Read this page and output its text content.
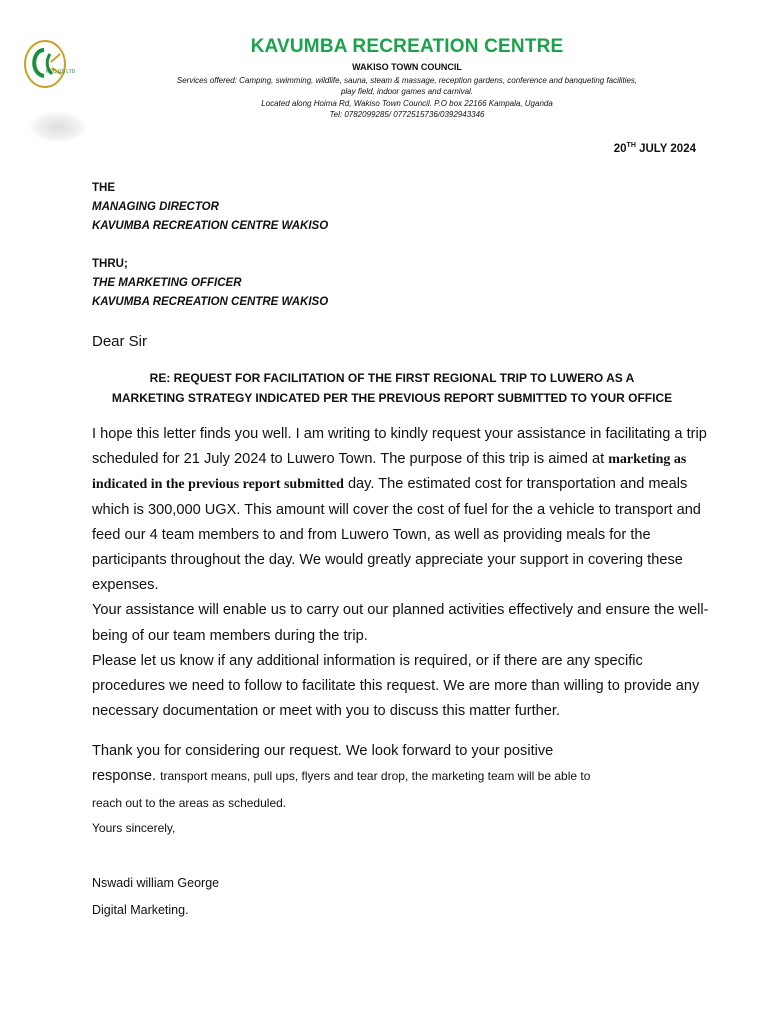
KRC (U) LTD
KAVUMBA RECREATION CENTRE
WAKISO TOWN COUNCIL
Services offered: Camping, swimming, wildlife, sauna, steam & massage, reception gardens, conference and banqueting facilities,
play field, indoor games and carnival.
Located along Hoima Rd, Wakiso Town Council. P.O box 22166 Kampala, Uganda
Tel: 0782099285/ 0772515736/0392943346
20TH JULY 2024
THE
MANAGING DIRECTOR
KAVUMBA RECREATION CENTRE WAKISO
THRU;
THE MARKETING OFFICER
KAVUMBA RECREATION CENTRE WAKISO
Dear Sir
RE: REQUEST FOR FACILITATION OF THE FIRST REGIONAL TRIP TO LUWERO AS A
MARKETING STRATEGY INDICATED PER THE PREVIOUS REPORT SUBMITTED TO YOUR OFFICE

I hope this letter finds you well. I am writing to kindly request your assistance in facilitating a trip scheduled for 21 July 2024 to Luwero Town. The purpose of this trip is aimed at marketing as indicated in the previous report submitted day. The estimated cost for transportation and meals which is 300,000 UGX. This amount will cover the cost of fuel for the a vehicle to transport and feed our 4 team members to and from Luwero Town, as well as providing meals for the participants throughout the day. We would greatly appreciate your support in covering these expenses.

Your assistance will enable us to carry out our planned activities effectively and ensure the well-being of our team members during the trip.

Please let us know if any additional information is required, or if there are any specific procedures we need to follow to facilitate this request. We are more than willing to provide any necessary documentation or meet with you to discuss this matter further.

Thank you for considering our request. We look forward to your positive
response. transport means, pull ups, flyers and tear drop, the marketing team will be able to
reach out to the areas as scheduled.
Yours sincerely,
Nswadi william George
Digital Marketing.
